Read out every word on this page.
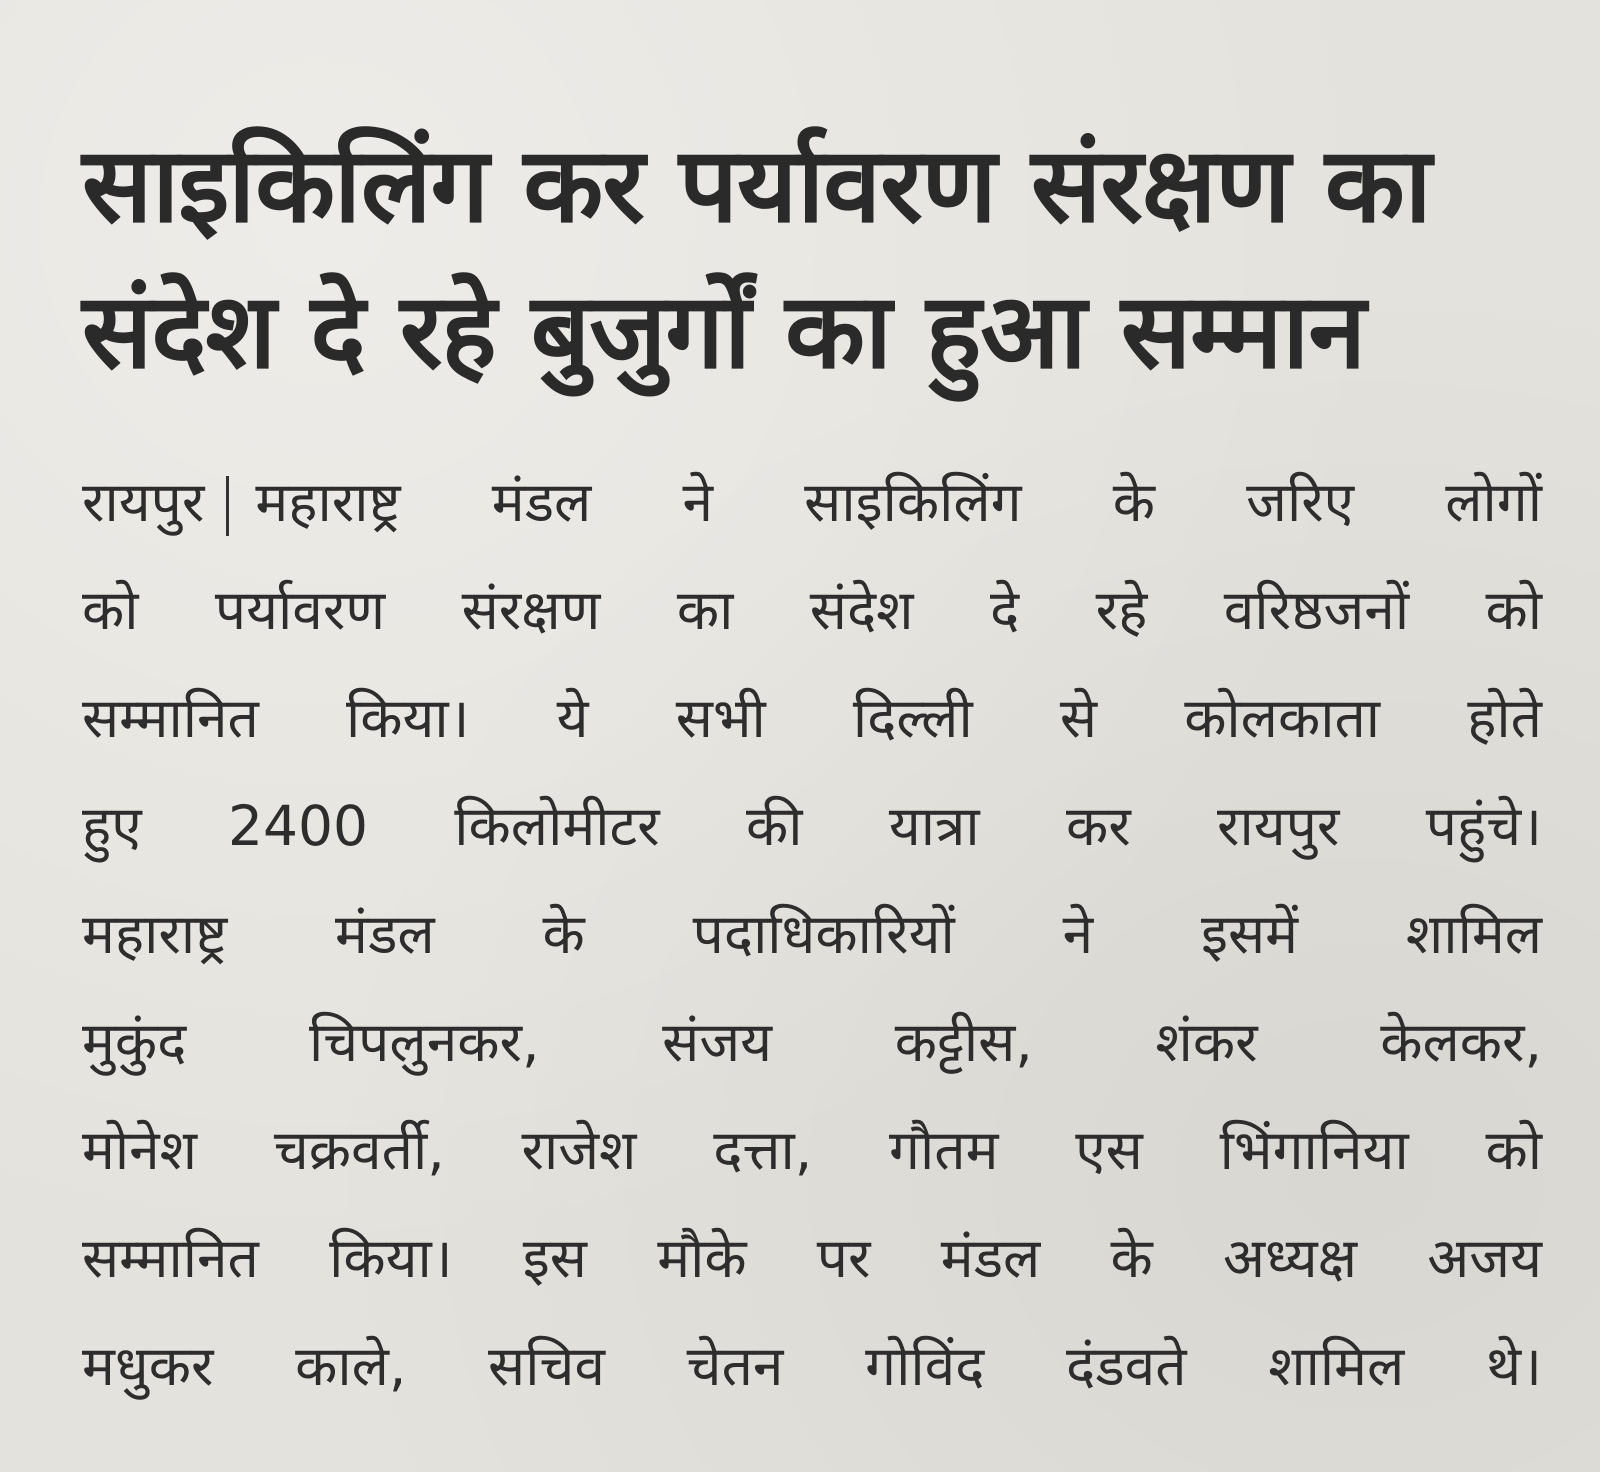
साइकिलिंग कर पर्यावरण संरक्षण का
संदेश दे रहे बुजुर्गों का हुआ सम्मान
रायपुर महाराष्ट्र मंडल ने साइकिलिंग के जरिए लोगों
को पर्यावरण संरक्षण का संदेश दे रहे वरिष्ठजनों को
सम्मानित किया। ये सभी दिल्ली से कोलकाता होते
हुए 2400 किलोमीटर की यात्रा कर रायपुर पहुंचे।
महाराष्ट्र मंडल के पदाधिकारियों ने इसमें शामिल
मुकुंद चिपलुनकर, संजय कट्टीस, शंकर केलकर,
मोनेश चक्रवर्ती, राजेश दत्ता, गौतम एस भिंगानिया को
सम्मानित किया। इस मौके पर मंडल के अध्यक्ष अजय
मधुकर काले, सचिव चेतन गोविंद दंडवते शामिल थे।
